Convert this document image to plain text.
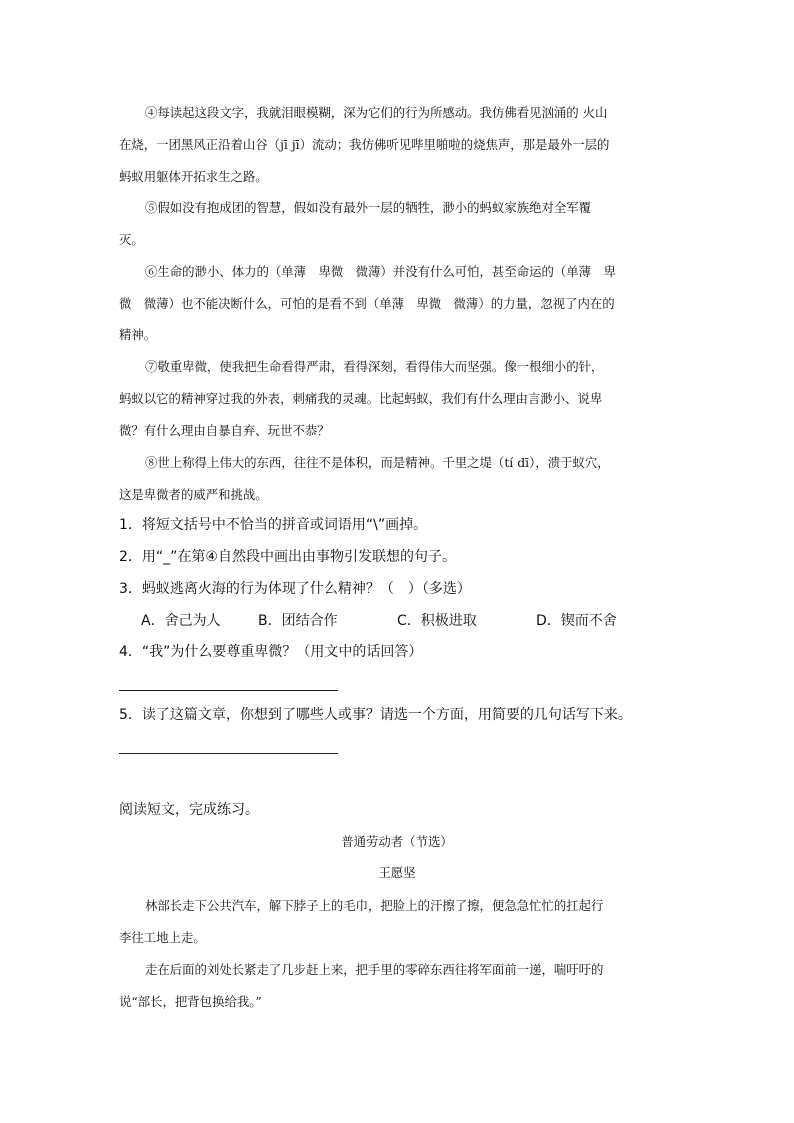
④每读起这段文字，我就泪眼模糊，深为它们的行为所感动。我仿佛看见汹涌的 火山
在烧，一团黑风正沿着山谷（jī jī）流动；我仿佛听见哔里啪啦的烧焦声，那是最外一层的
蚂蚁用躯体开拓求生之路。
⑤假如没有抱成团的智慧，假如没有最外一层的牺牲，渺小的蚂蚁家族绝对全军覆
灭。
⑥生命的渺小、体力的（单薄　卑微　微薄）并没有什么可怕，甚至命运的（单薄　卑
微　微薄）也不能决断什么，可怕的是看不到（单薄　卑微　微薄）的力量，忽视了内在的
精神。
⑦敬重卑微，使我把生命看得严肃，看得深刻，看得伟大而坚强。像一根细小的针，
蚂蚁以它的精神穿过我的外表，刺痛我的灵魂。比起蚂蚁，我们有什么理由言渺小、说卑
微？有什么理由自暴自弃、玩世不恭？
⑧世上称得上伟大的东西，往往不是体积，而是精神。千里之堤（tí dī），溃于蚁穴，
这是卑微者的威严和挑战。
1．将短文括号中不恰当的拼音或词语用“\”画掉。
2．用“_”在第④自然段中画出由事物引发联想的句子。
3．蚂蚁逃离火海的行为体现了什么精神？（　）（多选）
A．舍己为人	B．团结合作	C．积极进取	D．锲而不舍
4．“我”为什么要尊重卑微？（用文中的话回答）
5．读了这篇文章，你想到了哪些人或事？请选一个方面，用简要的几句话写下来。
阅读短文，完成练习。
普通劳动者（节选）
王愿坚
林部长走下公共汽车，解下脖子上的毛巾，把脸上的汗擦了擦，便急急忙忙的扛起行
李往工地上走。
走在后面的刘处长紧走了几步赶上来，把手里的零碎东西往将军面前一递，喘吁吁的
说“部长，把背包换给我。”
